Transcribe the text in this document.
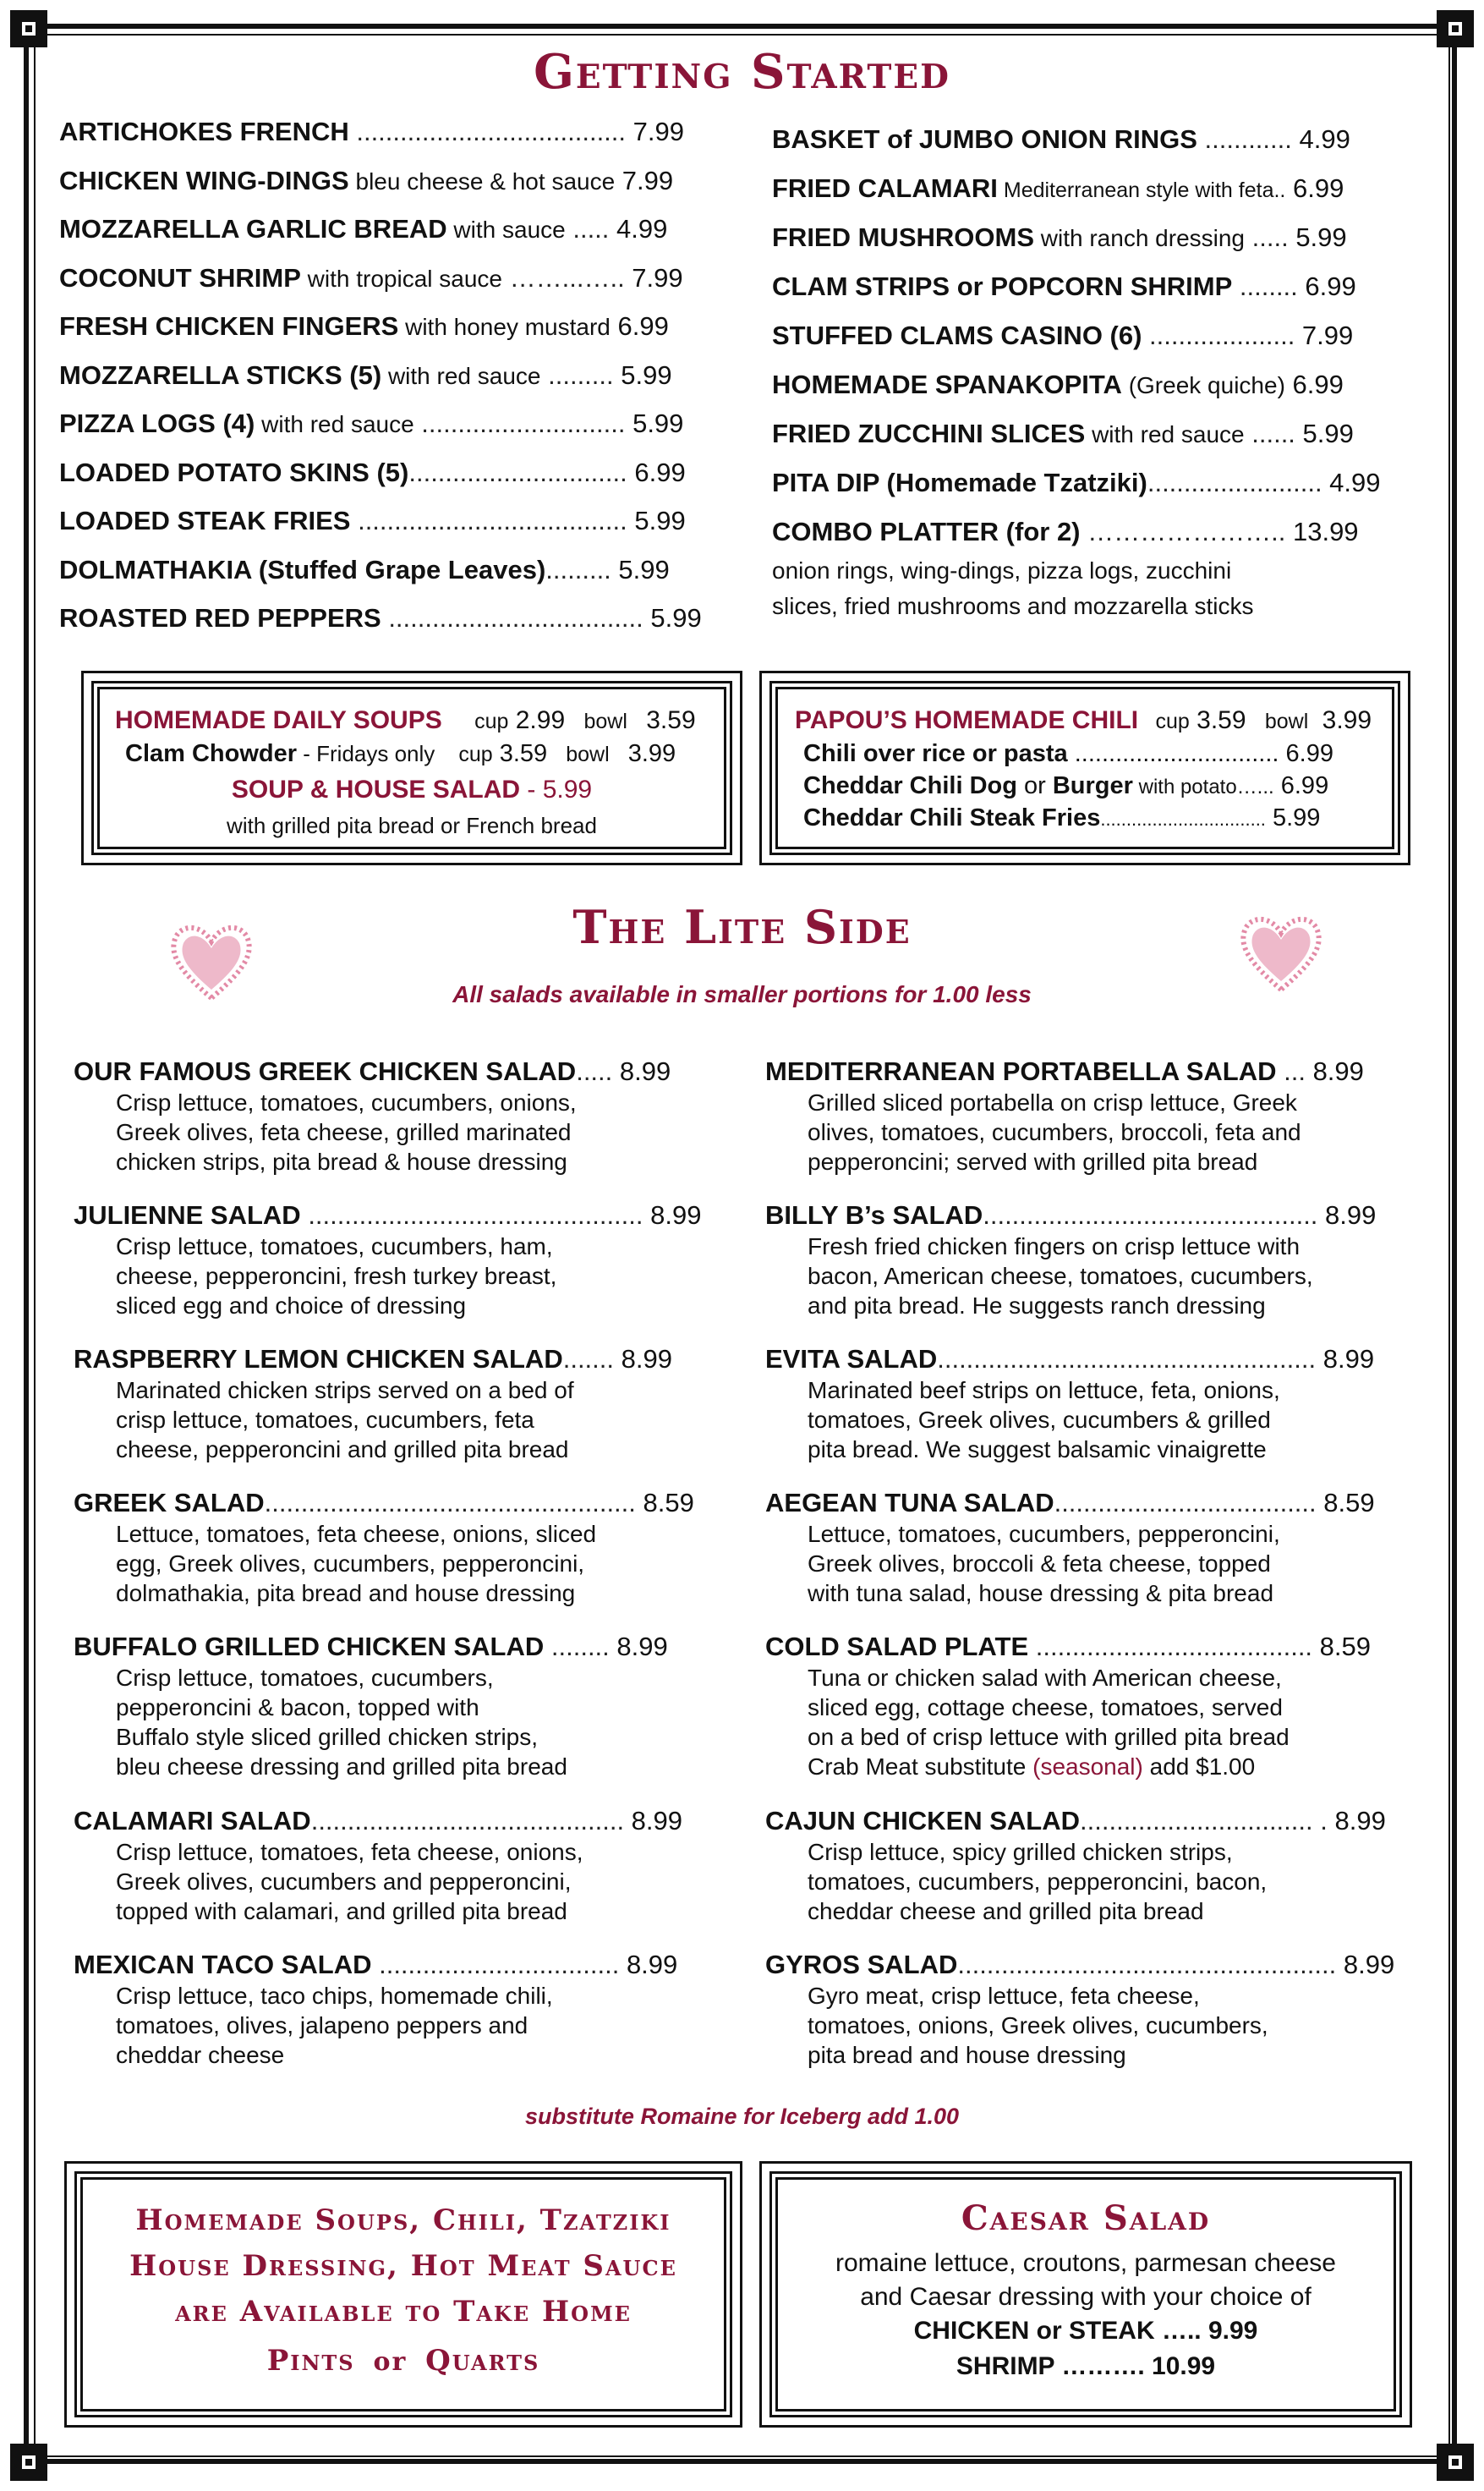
Getting Started
ARTICHOKES FRENCH ..................................... 7.99
CHICKEN WING-DINGS bleu cheese & hot sauce 7.99
MOZZARELLA GARLIC BREAD with sauce ..... 4.99
COCONUT SHRIMP with tropical sauce ……...….. 7.99
FRESH CHICKEN FINGERS with honey mustard 6.99
MOZZARELLA STICKS (5) with red sauce ......... 5.99
PIZZA LOGS (4) with red sauce ............................ 5.99
LOADED POTATO SKINS (5).............................. 6.99
LOADED STEAK FRIES ..................................... 5.99
DOLMATHAKIA (Stuffed Grape Leaves)......... 5.99
ROASTED RED PEPPERS ................................... 5.99
BASKET of JUMBO ONION RINGS ............ 4.99
FRIED CALAMARI Mediterranean style with feta.. 6.99
FRIED MUSHROOMS with ranch dressing ..... 5.99
CLAM STRIPS or POPCORN SHRIMP ........ 6.99
STUFFED CLAMS CASINO (6) .................... 7.99
HOMEMADE SPANAKOPITA (Greek quiche) 6.99
FRIED ZUCCHINI SLICES with red sauce ...... 5.99
PITA DIP (Homemade Tzatziki)........................ 4.99
COMBO PLATTER (for 2) ………………….. 13.99
onion rings, wing-dings, pizza logs, zucchini
slices, fried mushrooms and mozzarella sticks
HOMEMADE DAILY SOUPS cup 2.99 bowl 3.59
Clam Chowder - Fridays only cup 3.59 bowl 3.99
SOUP & HOUSE SALAD - 5.99
with grilled pita bread or French bread
PAPOU’S HOMEMADE CHILI cup 3.59 bowl 3.99
Chili over rice or pasta .............................. 6.99
Cheddar Chili Dog or Burger with potato…... 6.99
Cheddar Chili Steak Fries................................ 5.99
The Lite Side
All salads available in smaller portions for 1.00 less
OUR FAMOUS GREEK CHICKEN SALAD..... 8.99
Crisp lettuce, tomatoes, cucumbers, onions,
Greek olives, feta cheese, grilled marinated
chicken strips, pita bread & house dressing
JULIENNE SALAD .............................................. 8.99
Crisp lettuce, tomatoes, cucumbers, ham,
cheese, pepperoncini, fresh turkey breast,
sliced egg and choice of dressing
RASPBERRY LEMON CHICKEN SALAD....... 8.99
Marinated chicken strips served on a bed of
crisp lettuce, tomatoes, cucumbers, feta
cheese, pepperoncini and grilled pita bread
GREEK SALAD................................................... 8.59
Lettuce, tomatoes, feta cheese, onions, sliced
egg, Greek olives, cucumbers, pepperoncini,
dolmathakia, pita bread and house dressing
BUFFALO GRILLED CHICKEN SALAD ........ 8.99
Crisp lettuce, tomatoes, cucumbers,
pepperoncini & bacon, topped with
Buffalo style sliced grilled chicken strips,
bleu cheese dressing and grilled pita bread
CALAMARI SALAD........................................... 8.99
Crisp lettuce, tomatoes, feta cheese, onions,
Greek olives, cucumbers and pepperoncini,
topped with calamari, and grilled pita bread
MEXICAN TACO SALAD ................................. 8.99
Crisp lettuce, taco chips, homemade chili,
tomatoes, olives, jalapeno peppers and
cheddar cheese
MEDITERRANEAN PORTABELLA SALAD ... 8.99
Grilled sliced portabella on crisp lettuce, Greek
olives, tomatoes, cucumbers, broccoli, feta and
pepperoncini; served with grilled pita bread
BILLY B’s SALAD.............................................. 8.99
Fresh fried chicken fingers on crisp lettuce with
bacon, American cheese, tomatoes, cucumbers,
and pita bread. He suggests ranch dressing
EVITA SALAD.................................................... 8.99
Marinated beef strips on lettuce, feta, onions,
tomatoes, Greek olives, cucumbers & grilled
pita bread. We suggest balsamic vinaigrette
AEGEAN TUNA SALAD.................................... 8.59
Lettuce, tomatoes, cucumbers, pepperoncini,
Greek olives, broccoli & feta cheese, topped
with tuna salad, house dressing & pita bread
COLD SALAD PLATE ...................................... 8.59
Tuna or chicken salad with American cheese,
sliced egg, cottage cheese, tomatoes, served
on a bed of crisp lettuce with grilled pita bread
Crab Meat substitute (seasonal) add $1.00
CAJUN CHICKEN SALAD................................ . 8.99
Crisp lettuce, spicy grilled chicken strips,
tomatoes, cucumbers, pepperoncini, bacon,
cheddar cheese and grilled pita bread
GYROS SALAD.................................................... 8.99
Gyro meat, crisp lettuce, feta cheese,
tomatoes, onions, Greek olives, cucumbers,
pita bread and house dressing
substitute Romaine for Iceberg add 1.00

Homemade Soups, Chili, Tzatziki
House Dressing, Hot Meat Sauce
are Available to Take Home
Pints or Quarts
Caesar Salad
romaine lettuce, croutons, parmesan cheese
and Caesar dressing with your choice of
CHICKEN or STEAK ….. 9.99
SHRIMP ………. 10.99
